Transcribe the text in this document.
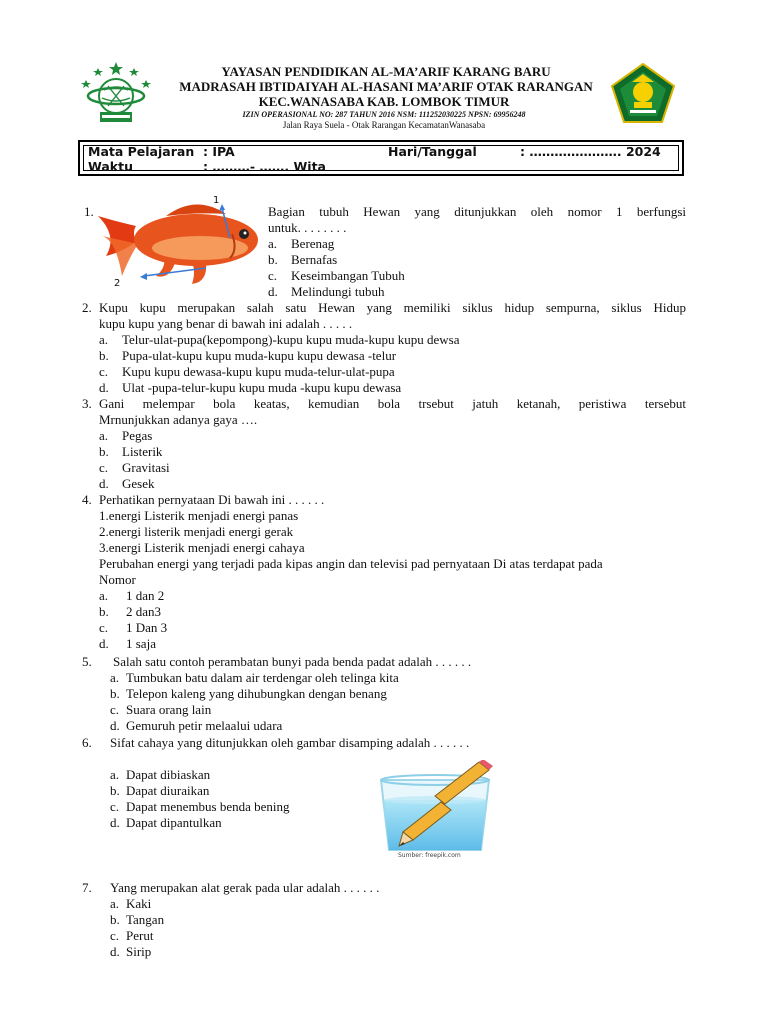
YAYASAN PENDIDIKAN AL-MA’ARIF KARANG BARU
MADRASAH IBTIDAIYAH AL-HASANI MA’ARIF OTAK RARANGAN
KEC.WANASABA KAB. LOMBOK TIMUR
IZIN OPERASIONAL NO: 287 TAHUN 2016 NSM: 111252030225 NPSN: 69956248
Jalan Raya Suela - Otak Rarangan KecamatanWanasaba
Mata Pelajaran : IPA	Hari/Tanggal	: …………………. 2024
Waktu	: ………- ……. Wita
1.
1
2
Bagian tubuh Hewan yang ditunjukkan oleh nomor 1 berfungsi
untuk. . . . . . . .
a. Berenag
b. Bernafas
c. Keseimbangan Tubuh
d. Melindungi tubuh
2. Kupu kupu merupakan salah satu Hewan yang memiliki siklus hidup sempurna, siklus Hidup
kupu kupu yang benar di bawah ini adalah . . . . .
a. Telur-ulat-pupa(kepompong)-kupu kupu muda-kupu kupu dewsa
b. Pupa-ulat-kupu kupu muda-kupu kupu dewasa -telur
c. Kupu kupu dewasa-kupu kupu muda-telur-ulat-pupa
d. Ulat -pupa-telur-kupu kupu muda -kupu kupu dewasa
3. Gani melempar bola keatas, kemudian bola trsebut jatuh ketanah, peristiwa tersebut
Mrnunjukkan adanya gaya ….
a. Pegas
b. Listerik
c. Gravitasi
d. Gesek
4. Perhatikan pernyataan Di bawah ini . . . . . .
1.energi Listerik menjadi energi panas
2.energi listerik menjadi energi gerak
3.energi Listerik menjadi energi cahaya
Perubahan energi yang terjadi pada kipas angin dan televisi pad pernyataan Di atas terdapat pada
Nomor
a. 1 dan 2
b. 2 dan3
c. 1 Dan 3
d. 1 saja
5. Salah satu contoh perambatan bunyi pada benda padat adalah . . . . . .
a. Tumbukan batu dalam air terdengar oleh telinga kita
b. Telepon kaleng yang dihubungkan dengan benang
c. Suara orang lain
d. Gemuruh petir melaalui udara
6. Sifat cahaya yang ditunjukkan oleh gambar disamping adalah . . . . . .
a. Dapat dibiaskan
b. Dapat diuraikan
c. Dapat menembus benda bening
d. Dapat dipantulkan
Sumber: freepik.com
7. Yang merupakan alat gerak pada ular adalah . . . . . .
a. Kaki
b. Tangan
c. Perut
d. Sirip
